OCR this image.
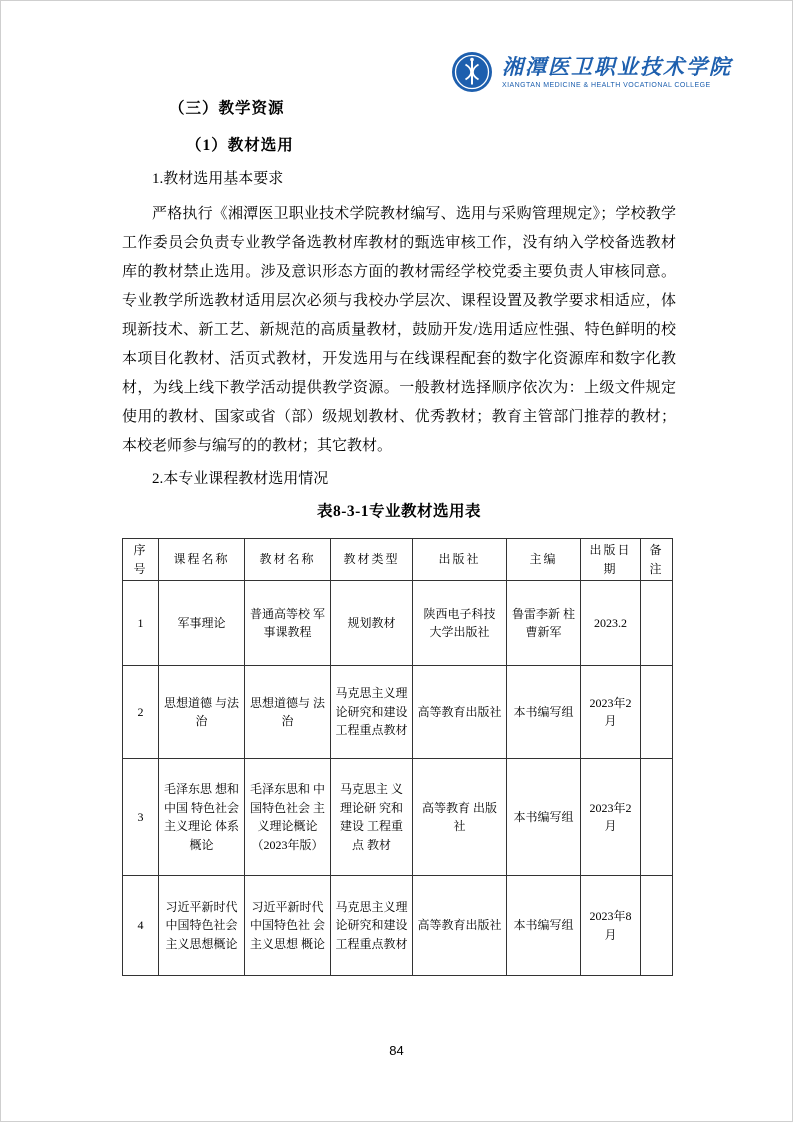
湘潭医卫职业技术学院
XIANGTAN MEDICINE & HEALTH VOCATIONAL COLLEGE
（三）教学资源
（1）教材选用
1.教材选用基本要求

严格执行《湘潭医卫职业技术学院教材编写、选用与采购管理规定》；学校教学工作委员会负责专业教学备选教材库教材的甄选审核工作，没有纳入学校备选教材库的教材禁止选用。涉及意识形态方面的教材需经学校党委主要负责人审核同意。专业教学所选教材适用层次必须与我校办学层次、课程设置及教学要求相适应，体现新技术、新工艺、新规范的高质量教材，鼓励开发/选用适应性强、特色鲜明的校本项目化教材、活页式教材，开发选用与在线课程配套的数字化资源库和数字化教材，为线上线下教学活动提供教学资源。一般教材选择顺序依次为：上级文件规定使用的教材、国家或省（部）级规划教材、优秀教材；教育主管部门推荐的教材；本校老师参与编写的的教材；其它教材。

2.本专业课程教材选用情况
表8-3-1专业教材选用表
序 号	课程名称	教材名称	教材类型	出版社	主编	出版日期	备注
1	军事理论	普通高等校 军事课教程	规划教材	陕西电子科技 大学出版社	鲁雷李新 柱曹新军	2023.2	
2	思想道德 与法治	思想道德与 法治	马克思主义理 论研究和建设 工程重点教材	高等教育出版社	本书编写组	2023年2月	
3	毛泽东思 想和中国 特色社会 主义理论 体系概论	毛泽东思和 中国特色社会 主义理论概论 （2023年版）	马克思主 义理论研 究和建设 工程重点 教材	高等教育 出版 社	本书编写组	2023年2 月	
4	习近平新时代 中国特色社会 主义思想概论	习近平新时代 中国特色社 会主义思想 概论	马克思主义理 论研究和建设 工程重点教材	高等教育出版社	本书编写组	2023年8月	
84
